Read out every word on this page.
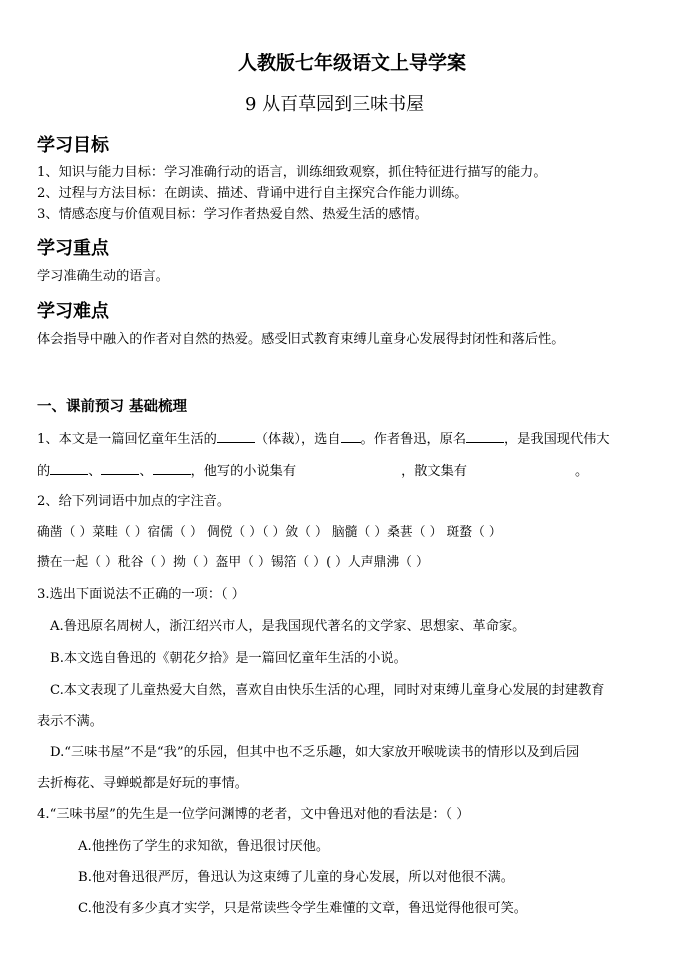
人教版七年级语文上导学案
9 从百草园到三味书屋
学习目标
1、知识与能力目标：学习准确行动的语言，训练细致观察，抓住特征进行描写的能力。
2、过程与方法目标：在朗读、描述、背诵中进行自主探究合作能力训练。
3、情感态度与价值观目标：学习作者热爱自然、热爱生活的感情。
学习重点
学习准确生动的语言。
学习难点
体会指导中融入的作者对自然的热爱。感受旧式教育束缚儿童身心发展得封闭性和落后性。
一、课前预习 基础梳理
1、本文是一篇回忆童年生活的	（体裁），选自 。作者鲁迅，原名	，是我国现代伟大
的	、	、	，他写的小说集有	，散文集有	。
2、给下列词语中加点的字注音。
确凿（ ）菜畦（ ）宿儒（ ） 倜傥（ ）（ ）敛（ ） 脑髓（ ）桑葚（ ） 斑蝥（ ）
攒在一起（ ）秕谷（ ）拗（ ）盔甲（ ）锡箔（ ）( ）人声鼎沸（ ）
3.选出下面说法不正确的一项：（ ）
A.鲁迅原名周树人，浙江绍兴市人，是我国现代著名的文学家、思想家、革命家。
B.本文选自鲁迅的《朝花夕拾》是一篇回忆童年生活的小说。
C.本文表现了儿童热爱大自然，喜欢自由快乐生活的心理，同时对束缚儿童身心发展的封建教育
表示不满。
D.“三味书屋”不是“我”的乐园，但其中也不乏乐趣，如大家放开喉咙读书的情形以及到后园
去折梅花、寻蝉蜕都是好玩的事情。
4.“三味书屋”的先生是一位学问渊博的老者，文中鲁迅对他的看法是：（ ）
A.他挫伤了学生的求知欲，鲁迅很讨厌他。
B.他对鲁迅很严厉，鲁迅认为这束缚了儿童的身心发展，所以对他很不满。
C.他没有多少真才实学，只是常读些令学生难懂的文章，鲁迅觉得他很可笑。
